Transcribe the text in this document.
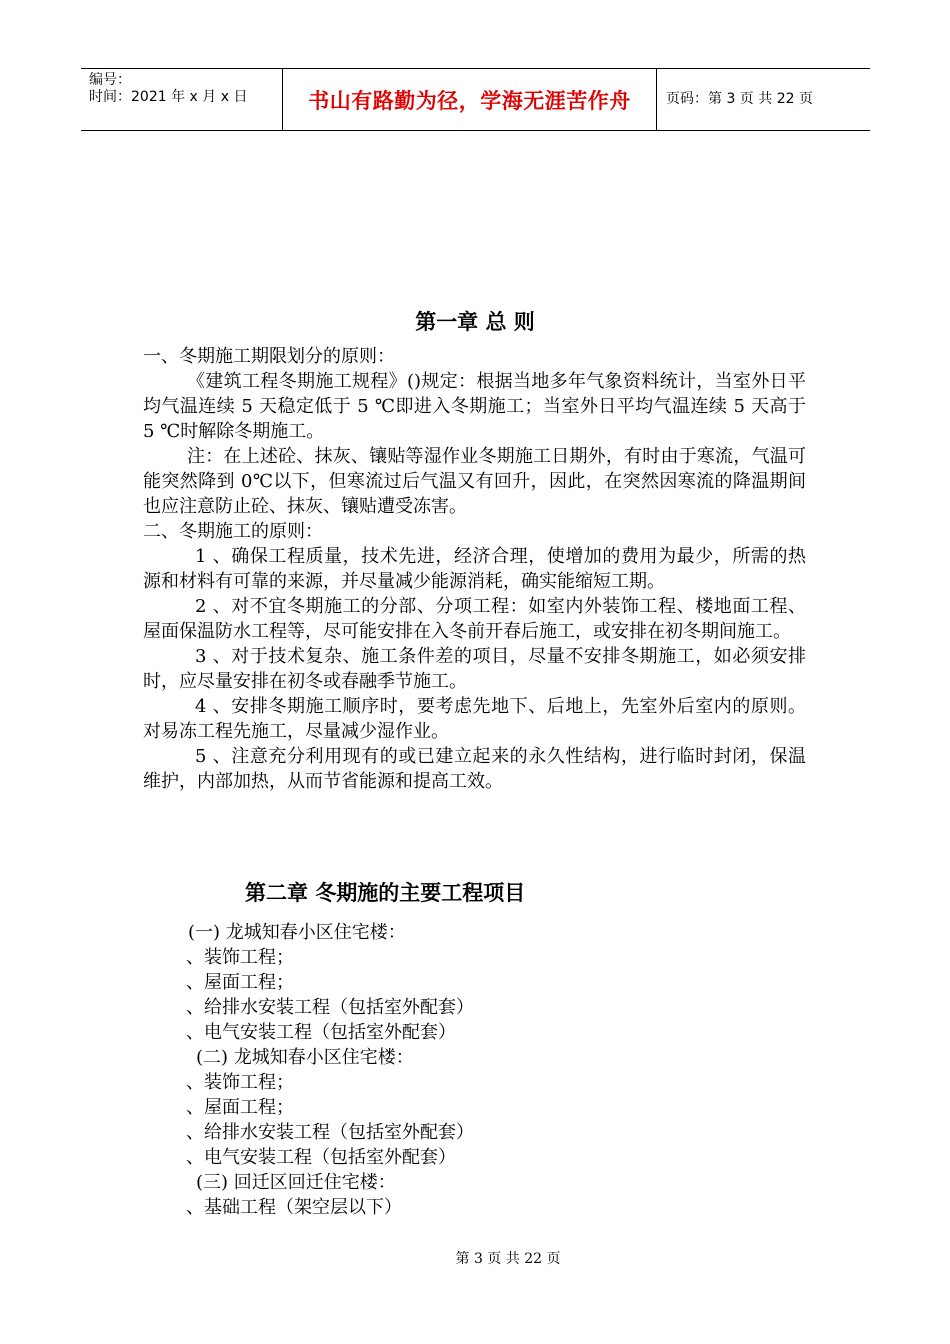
编号：
时间：2021 年 x 月 x 日	书山有路勤为径，学海无涯苦作舟	页码：第 3 页 共 22 页
第一章 总 则

一、冬期施工期限划分的原则：

《建筑工程冬期施工规程》()规定：根据当地多年气象资料统计，当室外日平均气温连续 5 天稳定低于 5 ℃即进入冬期施工；当室外日平均气温连续 5 天高于 5 ℃时解除冬期施工。

注：在上述砼、抹灰、镶贴等湿作业冬期施工日期外，有时由于寒流，气温可能突然降到 0℃以下，但寒流过后气温又有回升，因此，在突然因寒流的降温期间也应注意防止砼、抹灰、镶贴遭受冻害。

二、冬期施工的原则：

1 、确保工程质量，技术先进，经济合理，使增加的费用为最少，所需的热源和材料有可靠的来源，并尽量减少能源消耗，确实能缩短工期。

2 、对不宜冬期施工的分部、分项工程：如室内外装饰工程、楼地面工程、屋面保温防水工程等，尽可能安排在入冬前开春后施工，或安排在初冬期间施工。

3 、对于技术复杂、施工条件差的项目，尽量不安排冬期施工，如必须安排时，应尽量安排在初冬或春融季节施工。

4 、安排冬期施工顺序时，要考虑先地下、后地上，先室外后室内的原则。对易冻工程先施工，尽量减少湿作业。

5 、注意充分利用现有的或已建立起来的永久性结构，进行临时封闭，保温维护，内部加热，从而节省能源和提高工效。

第二章 冬期施的主要工程项目
(一) 龙城知春小区住宅楼：
、装饰工程；
、屋面工程；
、给排水安装工程（包括室外配套）
、电气安装工程（包括室外配套）
(二) 龙城知春小区住宅楼：
、装饰工程；
、屋面工程；
、给排水安装工程（包括室外配套）
、电气安装工程（包括室外配套）
(三) 回迁区回迁住宅楼：
、基础工程（架空层以下）
第 3 页 共 22 页
